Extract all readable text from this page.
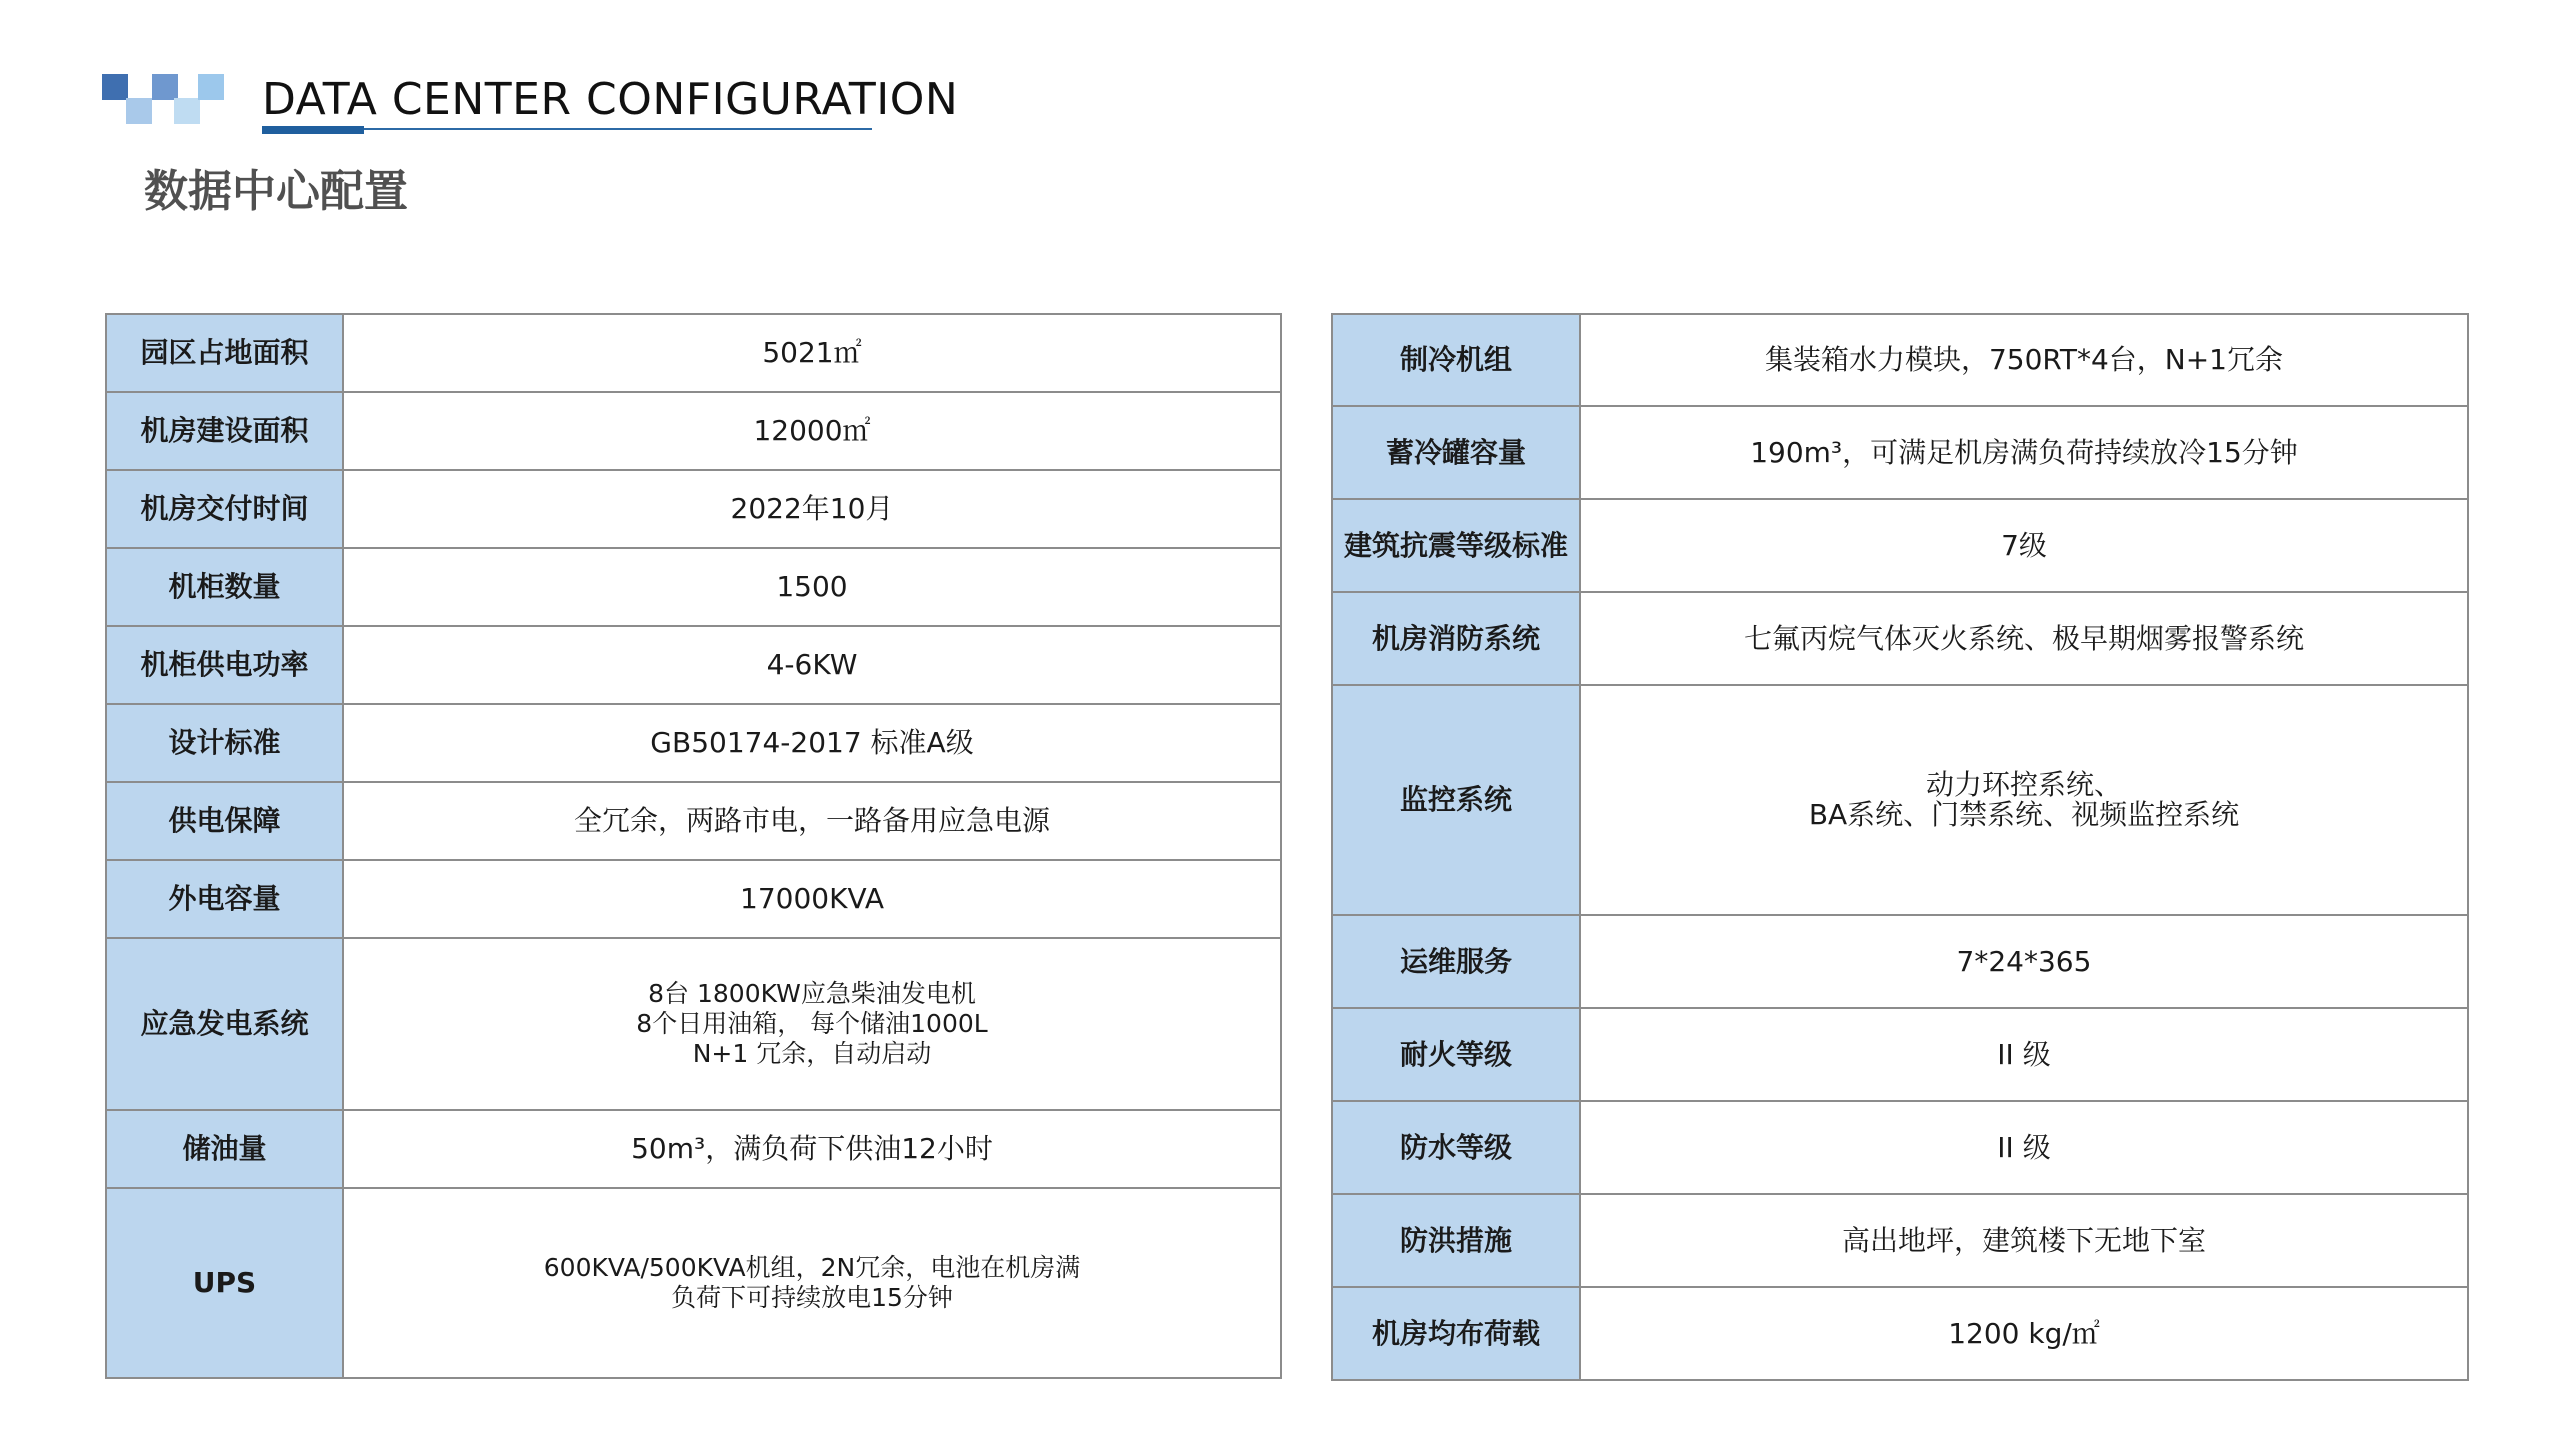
DATA CENTER CONFIGURATION
数据中心配置
园区占地面积	5021㎡
机房建设面积	12000㎡
机房交付时间	2022年10月
机柜数量	1500
机柜供电功率	4-6KW
设计标准	GB50174-2017 标准A级
供电保障	全冗余，两路市电，一路备用应急电源
外电容量	17000KVA
应急发电系统	8台 1800KW应急柴油发电机
8个日用油箱， 每个储油1000L
N+1 冗余，自动启动
储油量	50m³，满负荷下供油12小时
UPS	600KVA/500KVA机组，2N冗余，电池在机房满
负荷下可持续放电15分钟
制冷机组	集装箱水力模块，750RT*4台，N+1冗余
蓄冷罐容量	190m³，可满足机房满负荷持续放冷15分钟
建筑抗震等级标准	7级
机房消防系统	七氟丙烷气体灭火系统、极早期烟雾报警系统
监控系统	动力环控系统、
BA系统、门禁系统、视频监控系统
运维服务	7*24*365
耐火等级	II 级
防水等级	II 级
防洪措施	高出地坪，建筑楼下无地下室
机房均布荷载	1200 kg/㎡
